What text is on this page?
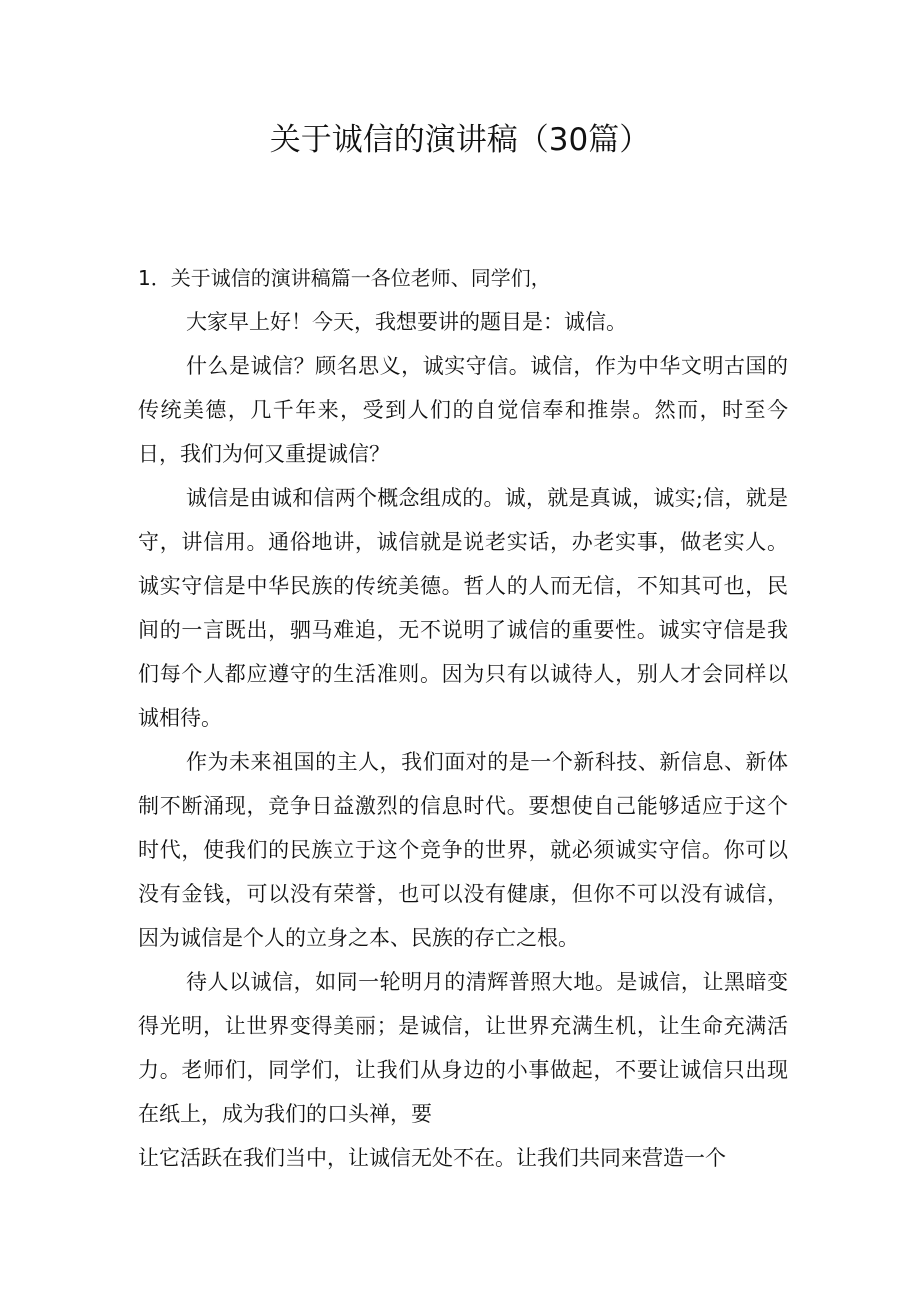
关于诚信的演讲稿（30篇）

1．关于诚信的演讲稿篇一各位老师、同学们，

大家早上好！今天，我想要讲的题目是：诚信。

什么是诚信？顾名思义，诚实守信。诚信，作为中华文明古国的传统美德，几千年来，受到人们的自觉信奉和推崇。然而，时至今日，我们为何又重提诚信？

诚信是由诚和信两个概念组成的。诚，就是真诚，诚实;信，就是守，讲信用。通俗地讲，诚信就是说老实话，办老实事，做老实人。诚实守信是中华民族的传统美德。哲人的人而无信，不知其可也，民间的一言既出，驷马难追，无不说明了诚信的重要性。诚实守信是我们每个人都应遵守的生活准则。因为只有以诚待人，别人才会同样以诚相待。

作为未来祖国的主人，我们面对的是一个新科技、新信息、新体制不断涌现，竞争日益激烈的信息时代。要想使自己能够适应于这个时代，使我们的民族立于这个竞争的世界，就必须诚实守信。你可以没有金钱，可以没有荣誉，也可以没有健康，但你不可以没有诚信，因为诚信是个人的立身之本、民族的存亡之根。

待人以诚信，如同一轮明月的清辉普照大地。是诚信，让黑暗变得光明，让世界变得美丽；是诚信，让世界充满生机，让生命充满活力。老师们，同学们，让我们从身边的小事做起，不要让诚信只出现在纸上，成为我们的口头禅，要

让它活跃在我们当中，让诚信无处不在。让我们共同来营造一个
